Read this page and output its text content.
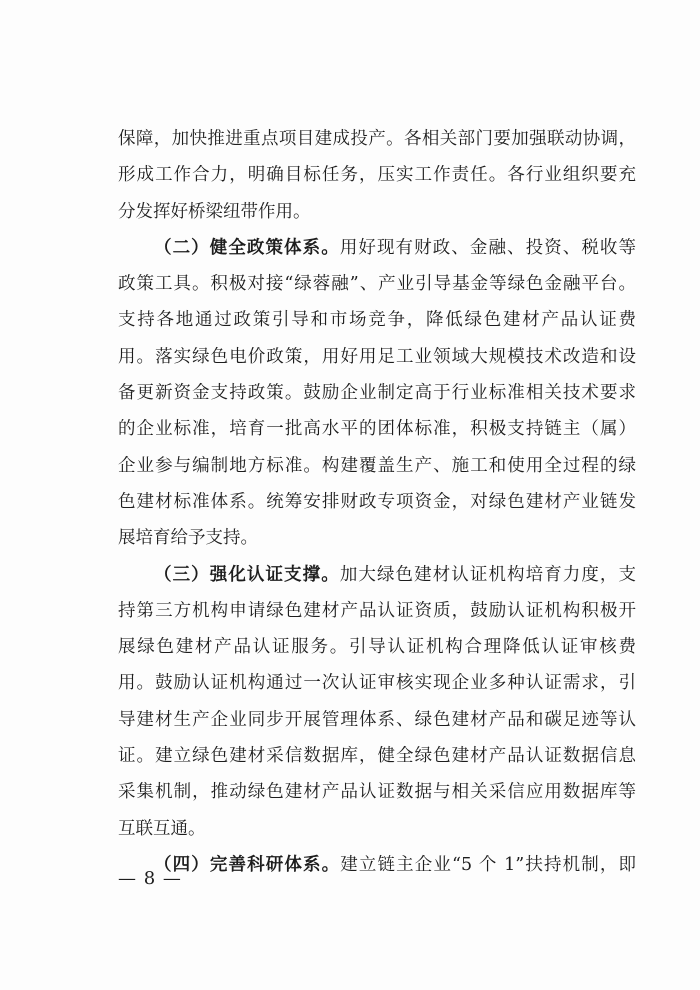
保障，加快推进重点项目建成投产。各相关部门要加强联动协调，
形成工作合力，明确目标任务，压实工作责任。各行业组织要充
分发挥好桥梁纽带作用。
（二）健全政策体系。用好现有财政、金融、投资、税收等
政策工具。积极对接“绿蓉融”、产业引导基金等绿色金融平台。
支持各地通过政策引导和市场竞争，降低绿色建材产品认证费
用。落实绿色电价政策，用好用足工业领域大规模技术改造和设
备更新资金支持政策。鼓励企业制定高于行业标准相关技术要求
的企业标准，培育一批高水平的团体标准，积极支持链主（属）
企业参与编制地方标准。构建覆盖生产、施工和使用全过程的绿
色建材标准体系。统筹安排财政专项资金，对绿色建材产业链发
展培育给予支持。
（三）强化认证支撑。加大绿色建材认证机构培育力度，支
持第三方机构申请绿色建材产品认证资质，鼓励认证机构积极开
展绿色建材产品认证服务。引导认证机构合理降低认证审核费
用。鼓励认证机构通过一次认证审核实现企业多种认证需求，引
导建材生产企业同步开展管理体系、绿色建材产品和碳足迹等认
证。建立绿色建材采信数据库，健全绿色建材产品认证数据信息
采集机制，推动绿色建材产品认证数据与相关采信应用数据库等
互联互通。
（四）完善科研体系。建立链主企业“5 个 1”扶持机制，即
— 8 —
